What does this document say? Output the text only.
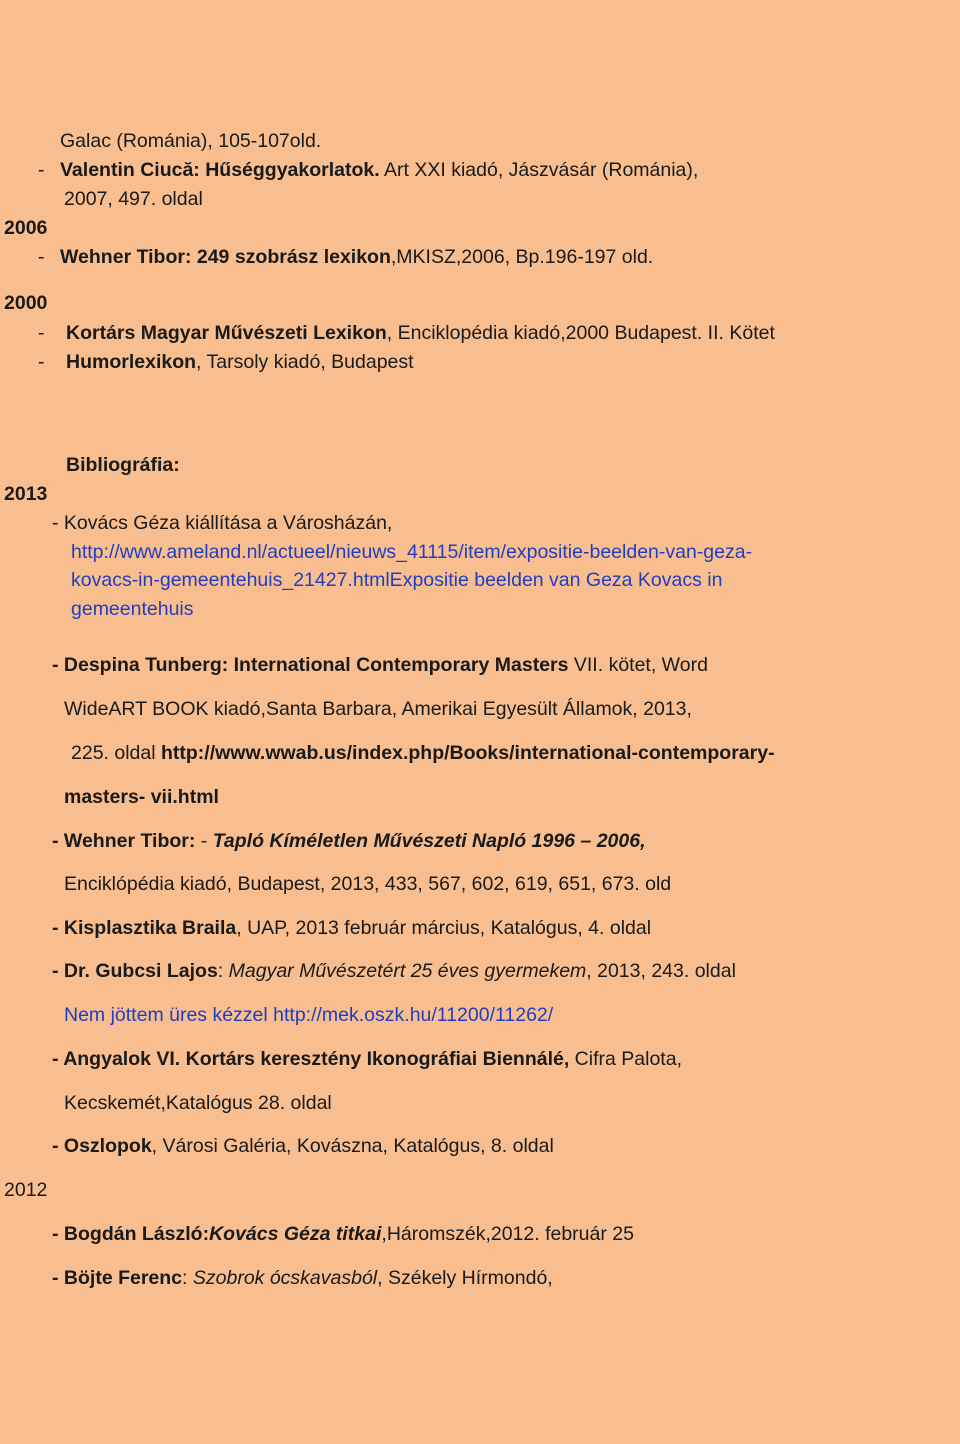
Galac (Románia), 105-107old.
- Valentin Ciucă: Hűséggyakorlatok. Art XXI kiadó, Jászvásár (Románia),
2007, 497. oldal
2006
- Wehner Tibor: 249 szobrász lexikon,MKISZ,2006, Bp.196-197 old.
2000
- Kortárs Magyar Művészeti Lexikon, Enciklopédia kiadó,2000 Budapest. II. Kötet
- Humorlexikon, Tarsoly kiadó, Budapest
Bibliográfia:
2013
- Kovács Géza kiállítása a Városházán,
http://www.ameland.nl/actueel/nieuws_41115/item/expositie-beelden-van-geza-
kovacs-in-gemeentehuis_21427.htmlExpositie beelden van Geza Kovacs in
gemeentehuis
- Despina Tunberg: International Contemporary Masters VII. kötet, Word
WideART BOOK kiadó,Santa Barbara, Amerikai Egyesült Államok, 2013,
225. oldal http://www.wwab.us/index.php/Books/international-contemporary-
masters- vii.html
- Wehner Tibor: - Tapló Kíméletlen Művészeti Napló 1996 – 2006,
Enciklópédia kiadó, Budapest, 2013, 433, 567, 602, 619, 651, 673. old
- Kisplasztika Braila, UAP, 2013 február március, Katalógus, 4. oldal
- Dr. Gubcsi Lajos: Magyar Művészetért 25 éves gyermekem, 2013, 243. oldal
Nem jöttem üres kézzel http://mek.oszk.hu/11200/11262/
- Angyalok VI. Kortárs keresztény Ikonográfiai Biennálé, Cifra Palota,
Kecskemét,Katalógus 28. oldal
- Oszlopok, Városi Galéria, Kovászna, Katalógus, 8. oldal
2012
- Bogdán László:Kovács Géza titkai,Háromszék,2012. február 25
- Böjte Ferenc: Szobrok ócskavasból, Székely Hírmondó,
